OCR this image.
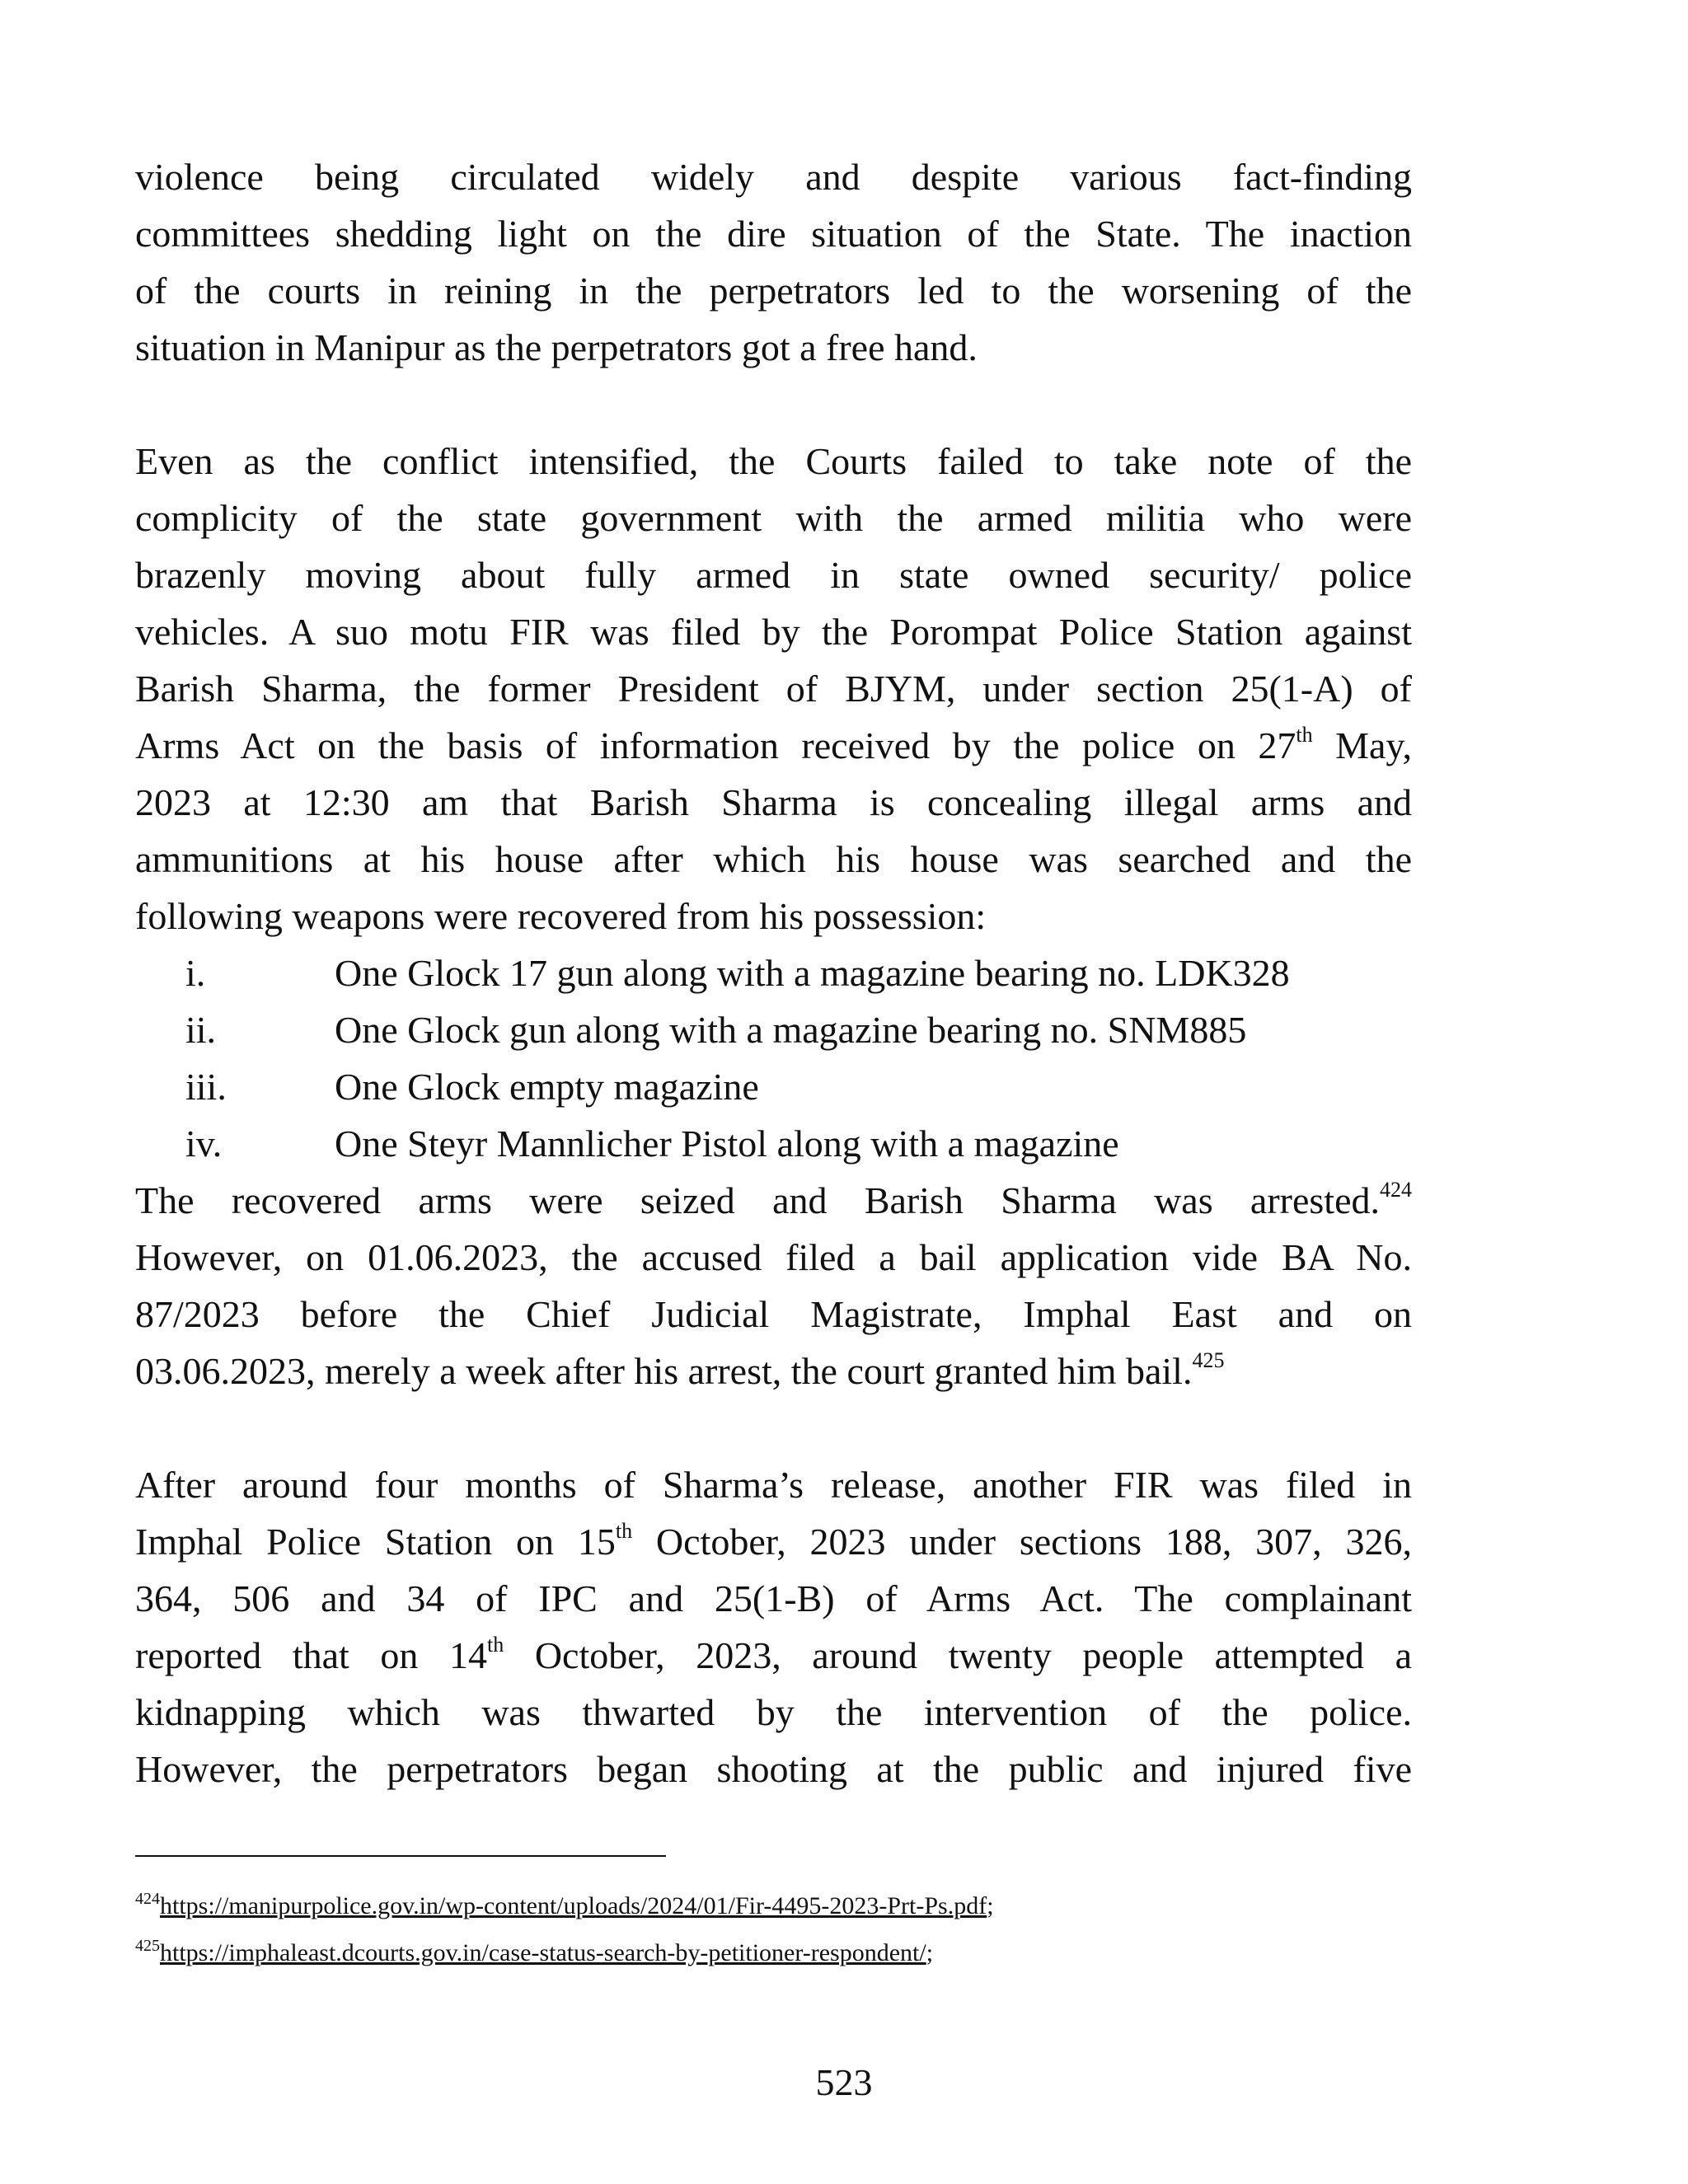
violence being circulated widely and despite various fact-finding
committees shedding light on the dire situation of the State. The inaction
of the courts in reining in the perpetrators led to the worsening of the
situation in Manipur as the perpetrators got a free hand.
Even as the conflict intensified, the Courts failed to take note of the
complicity of the state government with the armed militia who were
brazenly moving about fully armed in state owned security/ police
vehicles. A suo motu FIR was filed by the Porompat Police Station against
Barish Sharma, the former President of BJYM, under section 25(1-A) of
Arms Act on the basis of information received by the police on 27th May,
2023 at 12:30 am that Barish Sharma is concealing illegal arms and
ammunitions at his house after which his house was searched and the
following weapons were recovered from his possession:
i.	One Glock 17 gun along with a magazine bearing no. LDK328
ii.	One Glock gun along with a magazine bearing no. SNM885
iii.	One Glock empty magazine
iv.	One Steyr Mannlicher Pistol along with a magazine
The recovered arms were seized and Barish Sharma was arrested.$^{424}$
However, on 01.06.2023, the accused filed a bail application vide BA No.
87/2023 before the Chief Judicial Magistrate, Imphal East and on
03.06.2023, merely a week after his arrest, the court granted him bail.$^{425}$
After around four months of Sharma’s release, another FIR was filed in
Imphal Police Station on 15th October, 2023 under sections 188, 307, 326,
364, 506 and 34 of IPC and 25(1-B) of Arms Act. The complainant
reported that on 14th October, 2023, around twenty people attempted a
kidnapping which was thwarted by the intervention of the police.
However, the perpetrators began shooting at the public and injured five
$^{424}$https://manipurpolice.gov.in/wp-content/uploads/2024/01/Fir-4495-2023-Prt-Ps.pdf;
$^{425}$https://imphaleast.dcourts.gov.in/case-status-search-by-petitioner-respondent/;
523
